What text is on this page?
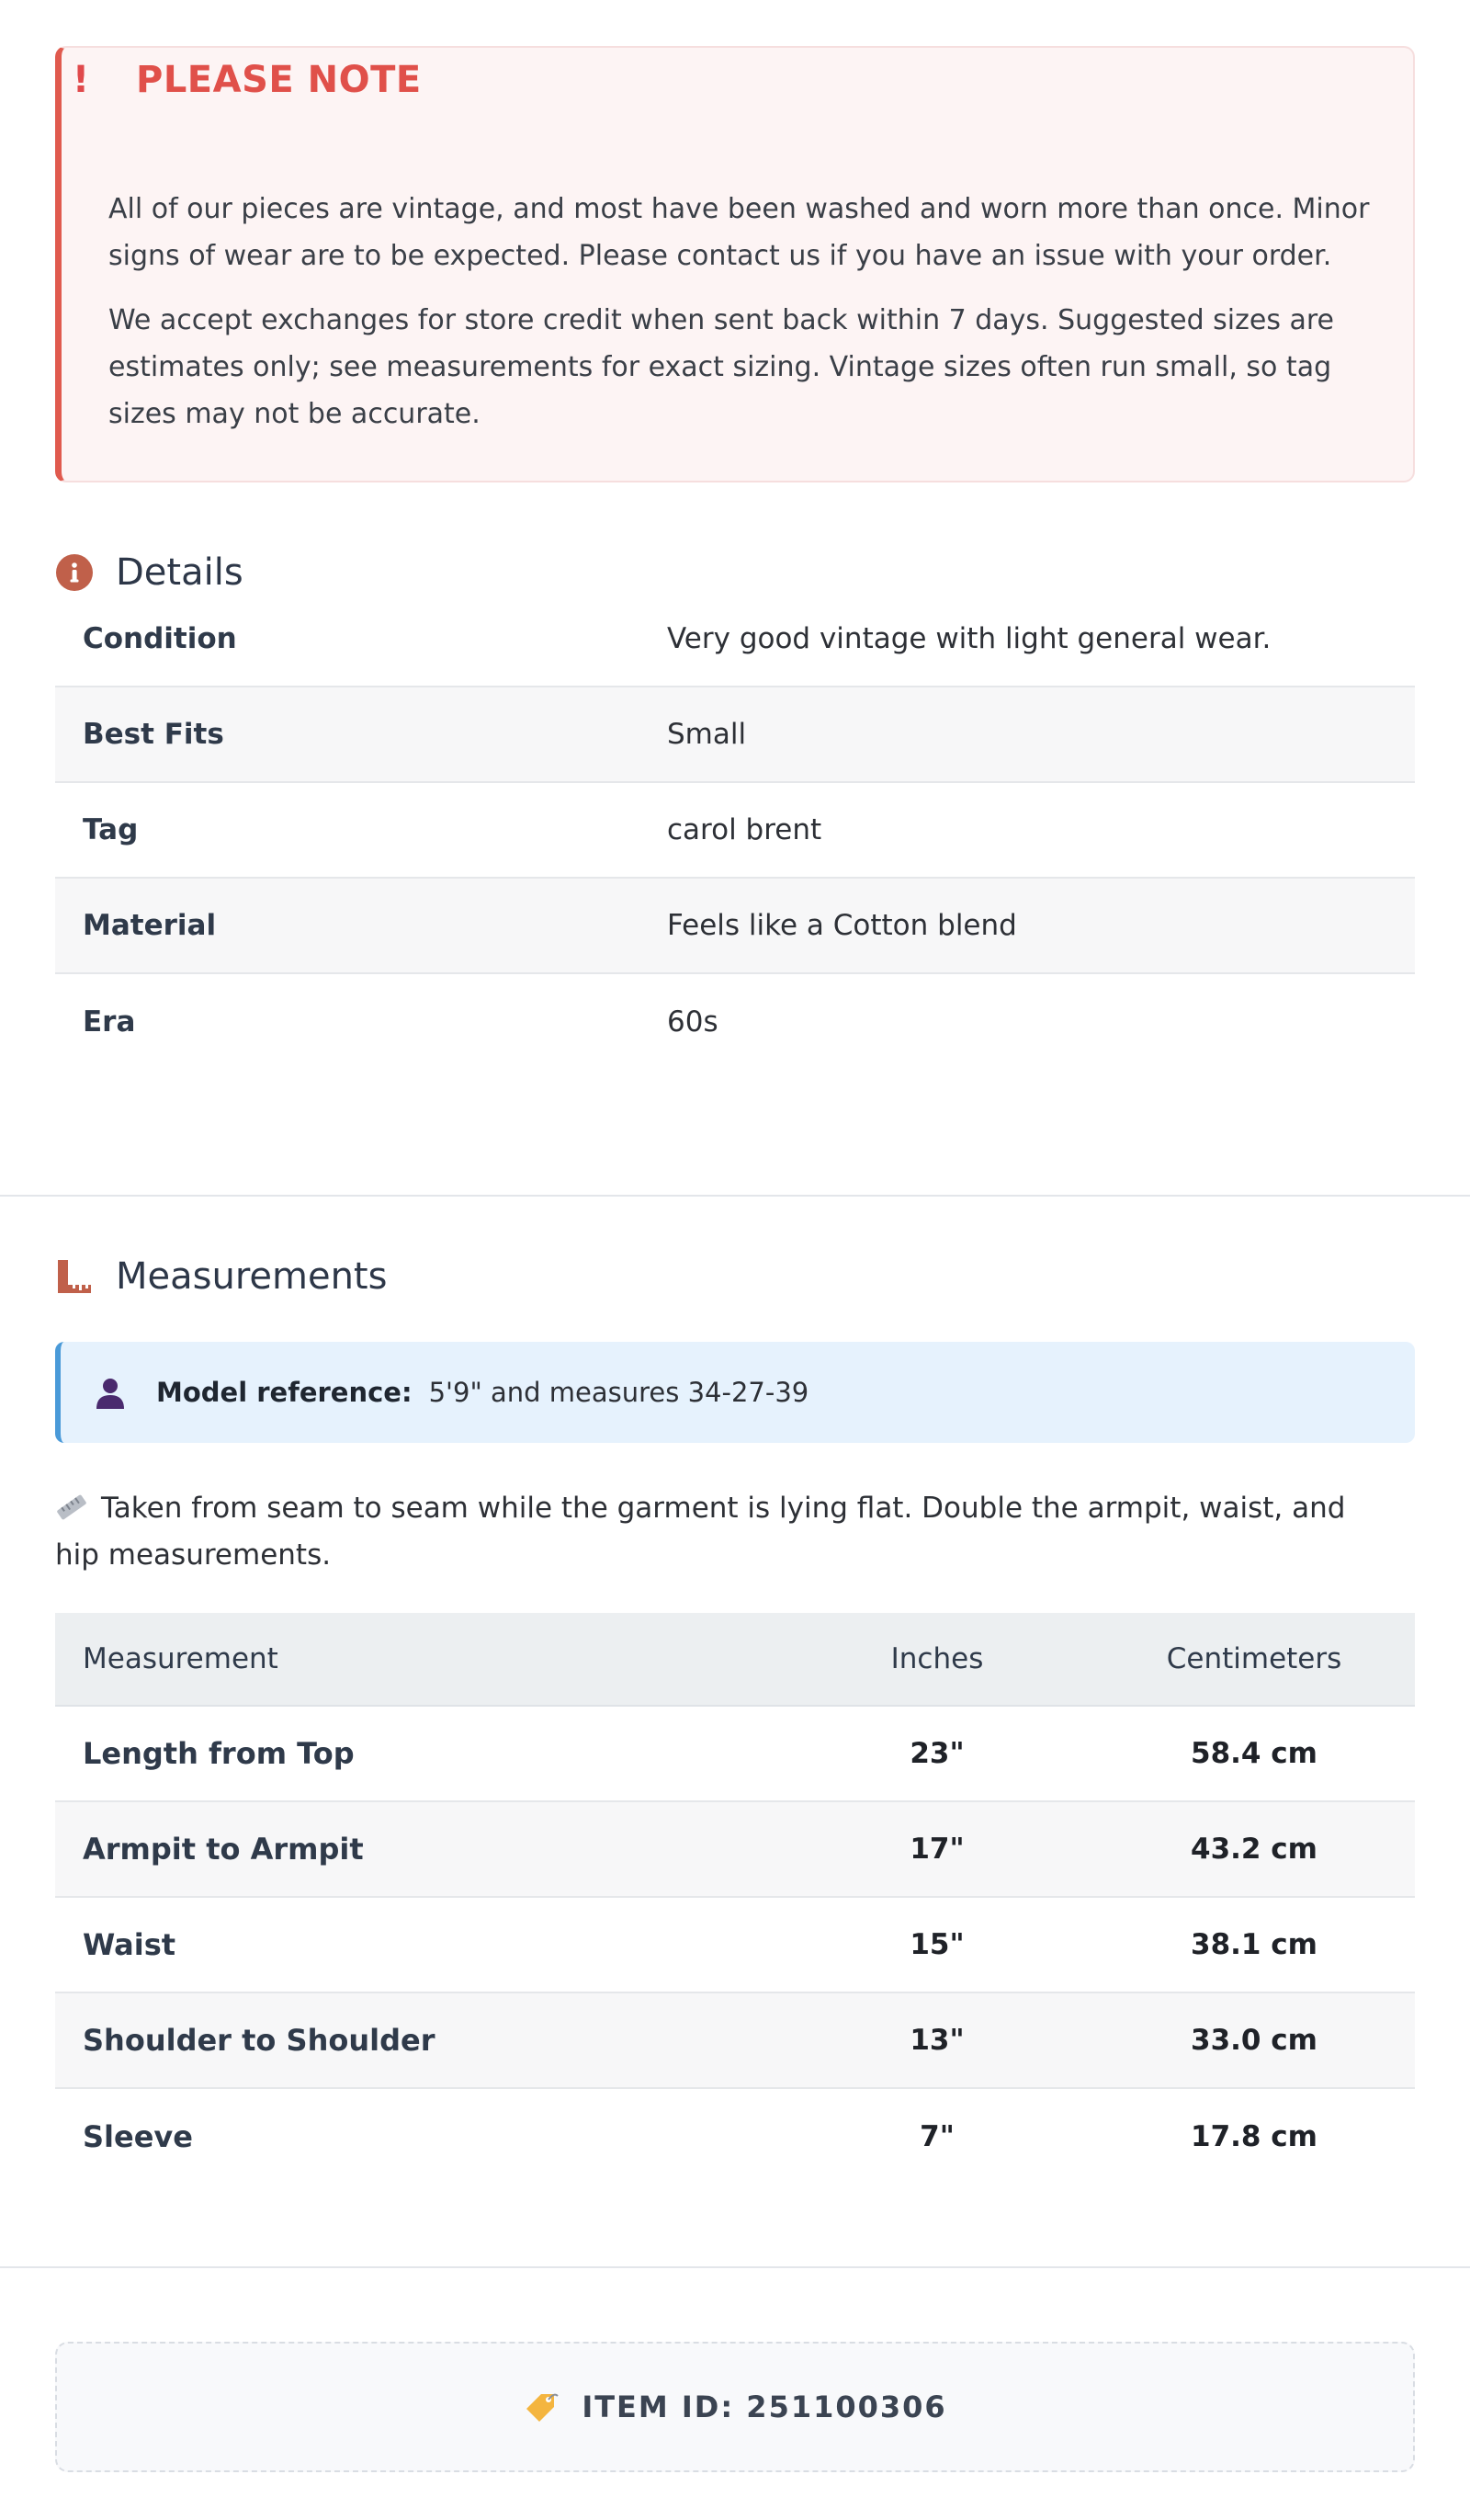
! PLEASE NOTE

All of our pieces are vintage, and most have been washed and worn more than once. Minor signs of wear are to be expected. Please contact us if you have an issue with your order.

We accept exchanges for store credit when sent back within 7 days. Suggested sizes are estimates only; see measurements for exact sizing. Vintage sizes often run small, so tag sizes may not be accurate.

Details
Condition	Very good vintage with light general wear.
Best Fits	Small
Tag	carol brent
Material	Feels like a Cotton blend
Era	60s
Measurements
Model reference: 5'9" and measures 34-27-39

Taken from seam to seam while the garment is lying flat. Double the armpit, waist, and hip measurements.

Measurement	Inches	Centimeters
Length from Top	23"	58.4 cm
Armpit to Armpit	17"	43.2 cm
Waist	15"	38.1 cm
Shoulder to Shoulder	13"	33.0 cm
Sleeve	7"	17.8 cm
ITEM ID: 251100306
